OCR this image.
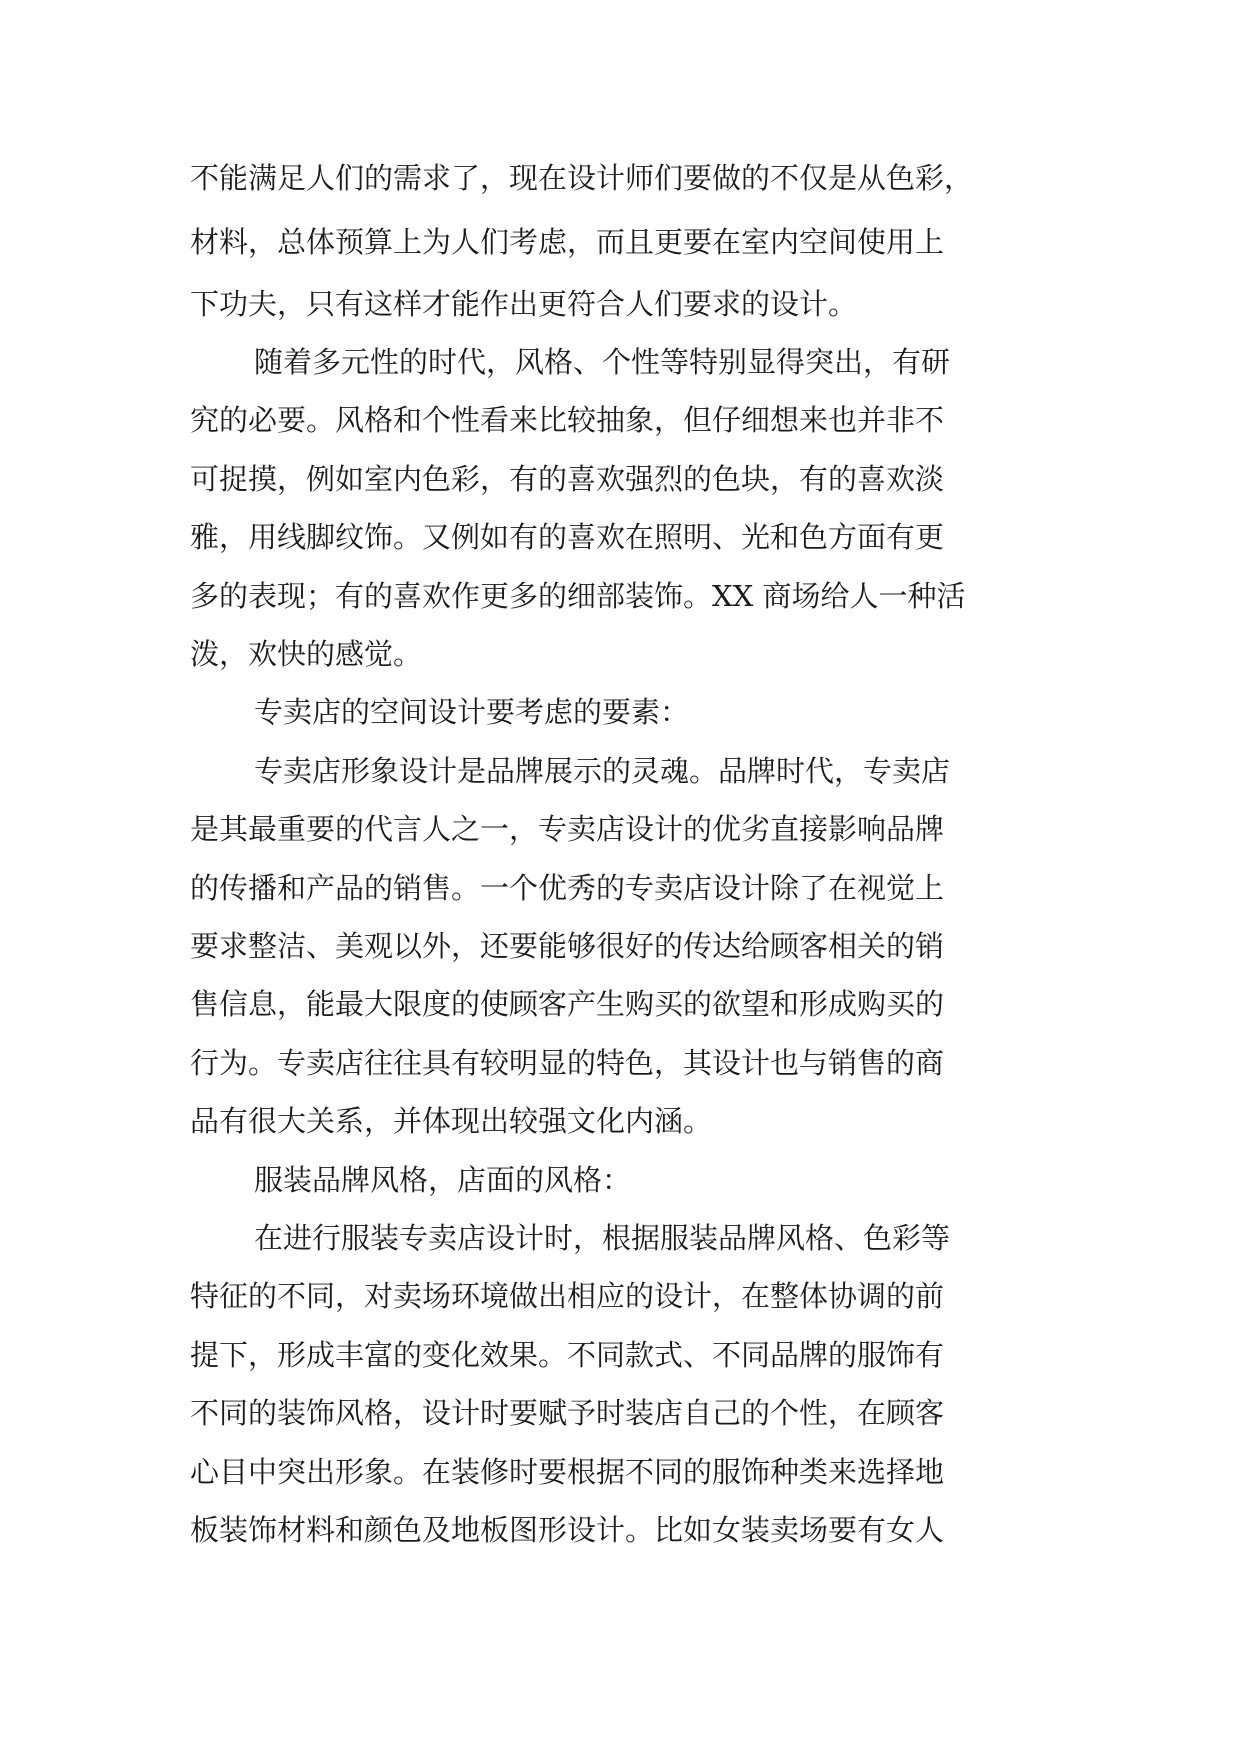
不能满足人们的需求了，现在设计师们要做的不仅是从色彩，
材料，总体预算上为人们考虑，而且更要在室内空间使用上
下功夫，只有这样才能作出更符合人们要求的设计。
随着多元性的时代，风格、个性等特别显得突出，有研
究的必要。风格和个性看来比较抽象，但仔细想来也并非不
可捉摸，例如室内色彩，有的喜欢强烈的色块，有的喜欢淡
雅，用线脚纹饰。又例如有的喜欢在照明、光和色方面有更
多的表现；有的喜欢作更多的细部装饰。XX 商场给人一种活
泼，欢快的感觉。
专卖店的空间设计要考虑的要素：
专卖店形象设计是品牌展示的灵魂。品牌时代，专卖店
是其最重要的代言人之一，专卖店设计的优劣直接影响品牌
的传播和产品的销售。一个优秀的专卖店设计除了在视觉上
要求整洁、美观以外，还要能够很好的传达给顾客相关的销
售信息，能最大限度的使顾客产生购买的欲望和形成购买的
行为。专卖店往往具有较明显的特色，其设计也与销售的商
品有很大关系，并体现出较强文化内涵。
服装品牌风格，店面的风格：
在进行服装专卖店设计时，根据服装品牌风格、色彩等
特征的不同，对卖场环境做出相应的设计，在整体协调的前
提下，形成丰富的变化效果。不同款式、不同品牌的服饰有
不同的装饰风格，设计时要赋予时装店自己的个性，在顾客
心目中突出形象。在装修时要根据不同的服饰种类来选择地
板装饰材料和颜色及地板图形设计。比如女装卖场要有女人
